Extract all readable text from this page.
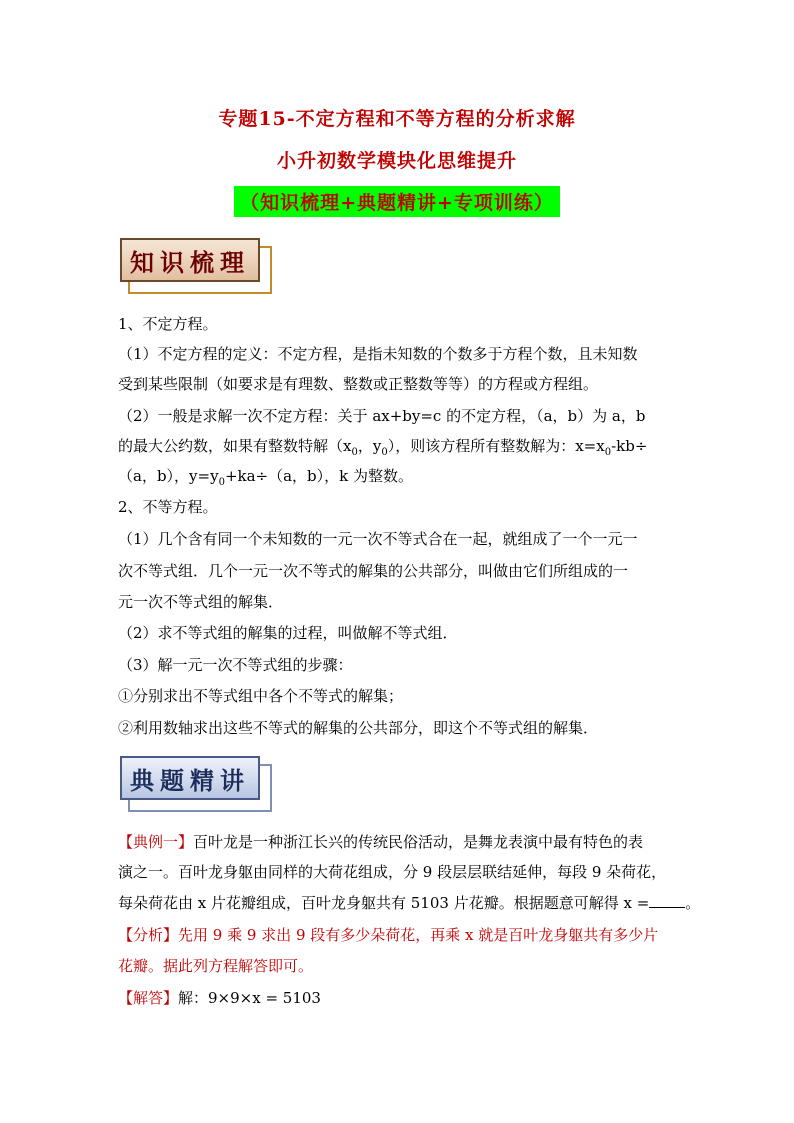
专题15-不定方程和不等方程的分析求解
小升初数学模块化思维提升
（知识梳理+典题精讲+专项训练）
知识梳理
1、不定方程。
（1）不定方程的定义：不定方程，是指未知数的个数多于方程个数，且未知数
受到某些限制（如要求是有理数、整数或正整数等等）的方程或方程组。
（2）一般是求解一次不定方程：关于 ax+by=c 的不定方程，（a，b）为 a，b
的最大公约数，如果有整数特解（$x_0$，$y_0$），则该方程所有整数解为：$x=x_0-kb\div$
（a，b），$y=y_0+ka\div(a$，b），k 为整数。
2、不等方程。
（1）几个含有同一个未知数的一元一次不等式合在一起，就组成了一个一元一
次不等式组．几个一元一次不等式的解集的公共部分，叫做由它们所组成的一
元一次不等式组的解集．
（2）求不等式组的解集的过程，叫做解不等式组．
（3）解一元一次不等式组的步骤：
①分别求出不等式组中各个不等式的解集；
②利用数轴求出这些不等式的解集的公共部分，即这个不等式组的解集．
典题精讲
【典例一】百叶龙是一种浙江长兴的传统民俗活动，是舞龙表演中最有特色的表
演之一。百叶龙身躯由同样的大荷花组成，分 9 段层层联结延伸，每段 9 朵荷花，
每朵荷花由 x 片花瓣组成，百叶龙身躯共有 5103 片花瓣。根据题意可解得 x = 。
【分析】先用 9 乘 9 求出 9 段有多少朵荷花，再乘 x 就是百叶龙身躯共有多少片
花瓣。据此列方程解答即可。
【解答】解：9×9×x = 5103
